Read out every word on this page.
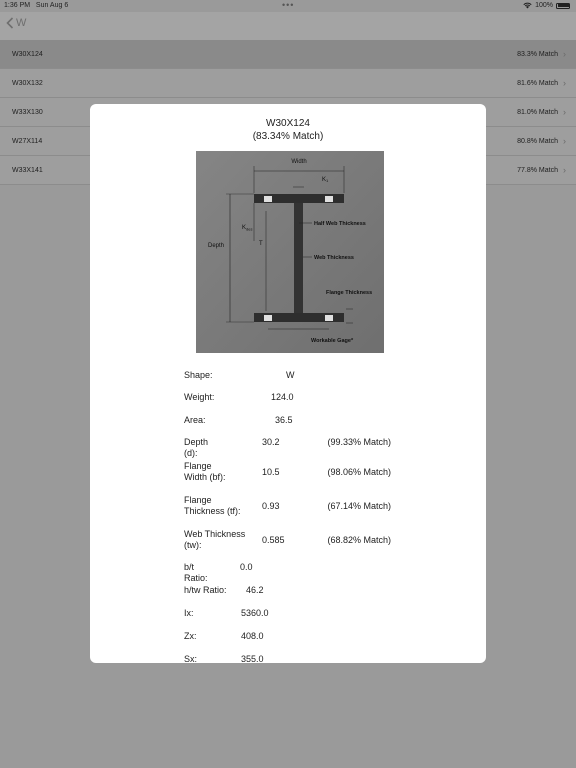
1:36 PM Sun Aug 6	•••	100%
W
W30X124	83.3% Match ›
W30X132	81.6% Match ›
W33X130	81.0% Match ›
W27X114	80.8% Match ›
W33X141	77.8% Match ›
W30X124
(83.34% Match)
Width
K1
Half Web Thickness
$K_{des}$
Depth	T
Web Thickness
Flange Thickness
Workable Gage*
Shape:	W
Weight:	124.0
Area:	36.5
Depth (d):
30.2	(99.33% Match)
Flange
Width (bf):	10.5	(98.06% Match)
Flange
Thickness (tf): 0.93	(67.14% Match)
Web Thickness
(tw):	0.585	(68.82% Match)
b/t Ratio:
0.0
h/tw Ratio: 46.2
Ix:	5360.0
Zx:	408.0
Sx:	355.0
